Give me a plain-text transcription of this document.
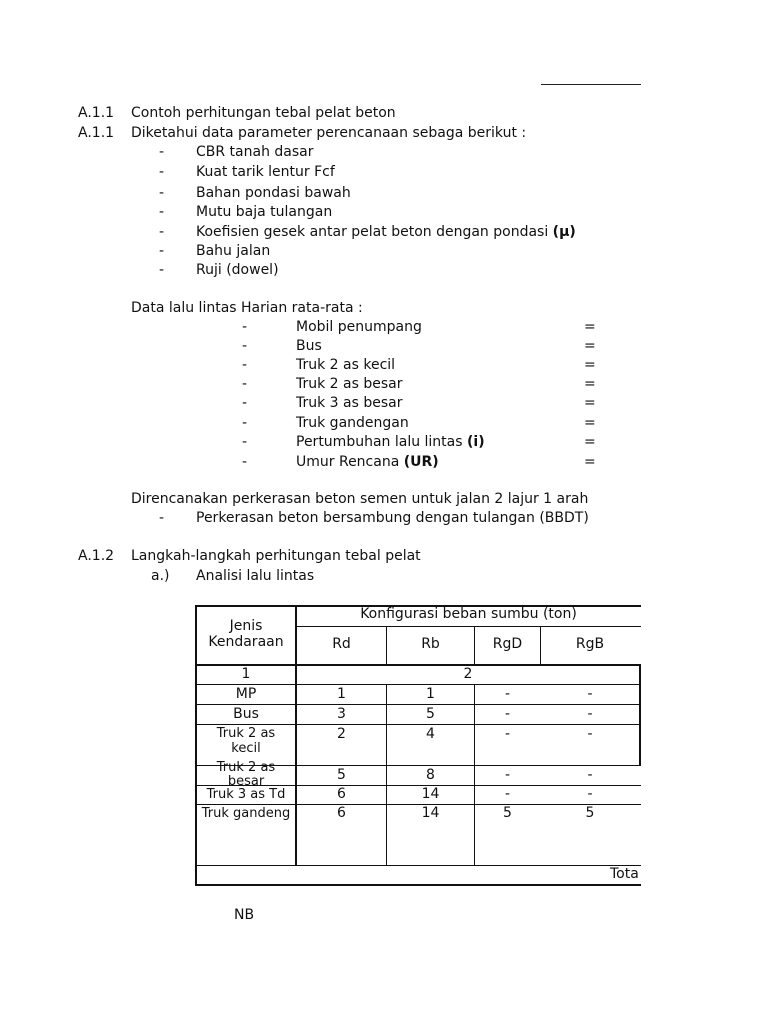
A.1.1 Contoh perhitungan tebal pelat beton
A.1.1 Diketahui data parameter perencanaan sebaga berikut :
- CBR tanah dasar
- Kuat tarik lentur Fcf
- Bahan pondasi bawah
- Mutu baja tulangan
- Koefisien gesek antar pelat beton dengan pondasi (μ)
- Bahu jalan
- Ruji (dowel)
Data lalu lintas Harian rata-rata :
-	Mobil penumpang	=
-	Bus	=
-	Truk 2 as kecil	=
-	Truk 2 as besar	=
-	Truk 3 as besar	=
-	Truk gandengan	=
-	Pertumbuhan lalu lintas (i)	=
-	Umur Rencana (UR)	=
Direncanakan perkerasan beton semen untuk jalan 2 lajur 1 arah
- Perkerasan beton bersambung dengan tulangan (BBDT)
A.1.2 Langkah-langkah perhitungan tebal pelat
a.) Analisi lalu lintas
Konfigurasi beban sumbu (ton)
Jenis
Kendaraan	Rd	Rb	RgD	RgB
1	2
MP	1	1	-	-
Bus	3	5	-	-
Truk 2 as
kecil
2	4	-	-
Truk 2 as
besar	5	8	-	-
Truk 3 as Td	6	14	-	-
Truk gandeng	6	14	5	5
Tota
NB
